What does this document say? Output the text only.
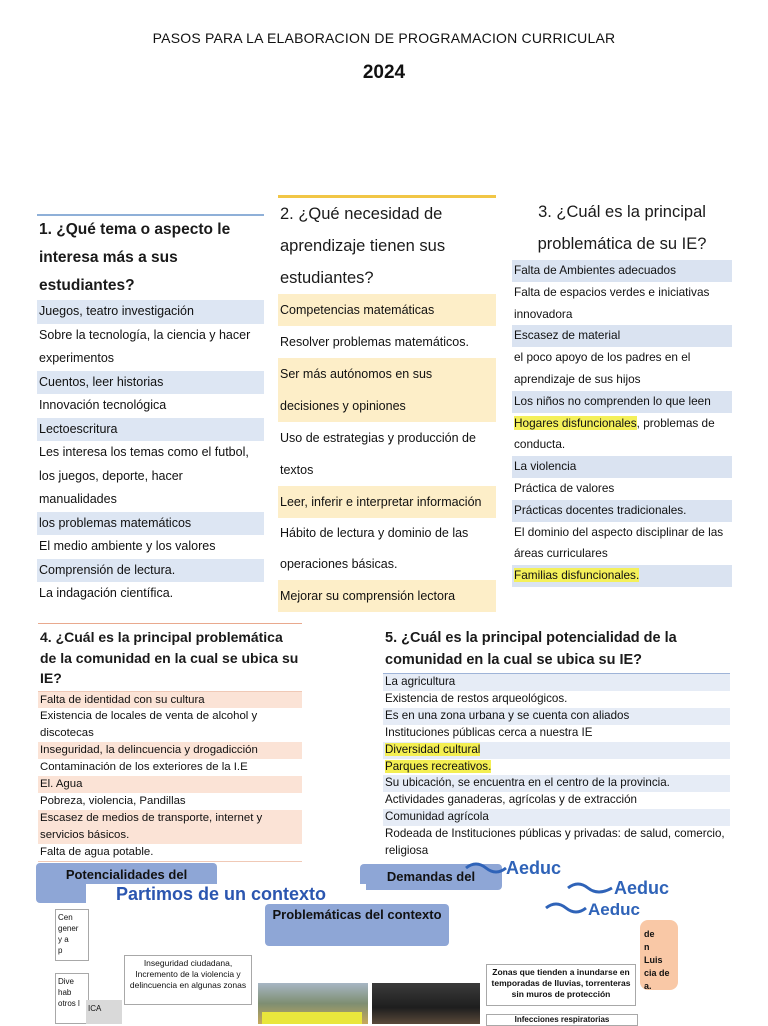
PASOS PARA LA ELABORACION DE PROGRAMACION CURRICULAR
2024
1. ¿Qué tema o aspecto le interesa más a sus estudiantes?
Juegos, teatro investigación
Sobre la tecnología, la ciencia y hacer experimentos
Cuentos, leer historias
Innovación tecnológica
Lectoescritura
Les interesa los temas como el futbol, los juegos, deporte, hacer manualidades
los problemas matemáticos
El medio ambiente y los valores
Comprensión de lectura.
La indagación científica.
2. ¿Qué necesidad de aprendizaje tienen sus estudiantes?
Competencias matemáticas
Resolver problemas matemáticos.
Ser más autónomos en sus decisiones y opiniones
Uso de estrategias y producción de textos
Leer, inferir e interpretar información
Hábito de lectura y dominio de las operaciones básicas.
Mejorar su comprensión lectora
3. ¿Cuál es la principal problemática de su IE?
Falta de Ambientes adecuados
Falta de espacios verdes e iniciativas innovadora
Escasez de material
el poco apoyo de los padres en el aprendizaje de sus hijos
Los niños no comprenden lo que leen
Hogares disfuncionales, problemas de conducta.
La violencia
Práctica de valores
Prácticas docentes tradicionales.
El dominio del aspecto disciplinar de las áreas curriculares
Familias disfuncionales.
4. ¿Cuál es la principal problemática de la comunidad en la cual se ubica su IE?
Falta de identidad con su cultura
Existencia de locales de venta de alcohol y discotecas
Inseguridad, la delincuencia y drogadicción
Contaminación de los exteriores de la I.E
El. Agua
Pobreza, violencia, Pandillas
Escasez de medios de transporte, internet y servicios básicos.
Falta de agua potable.
5. ¿Cuál es la principal potencialidad de la comunidad en la cual se ubica su IE?
La agricultura
Existencia de restos arqueológicos.
Es en una zona urbana y se cuenta con aliados
Instituciones públicas cerca a nuestra IE
Diversidad cultural
Parques recreativos.
Su ubicación, se encuentra en el centro de la provincia.
Actividades ganaderas, agrícolas y de extracción
Comunidad agrícola
Rodeada de Instituciones públicas y privadas: de salud, comercio, religiosa
Potencialidades del	Demandas del	Aeduc
Aeduc
Aeduc
Partimos de un contexto
Problemáticas del contexto
Cen
gener
y a
p
Dive
hab
otros l
ICA
Inseguridad ciudadana, Incremento de la violencia y delincuencia en algunas zonas
Zonas que tienden a inundarse en temporadas de lluvias, torrenteras sin muros de protección
Infecciones respiratorias
de
n
Luis
cia de
a.
